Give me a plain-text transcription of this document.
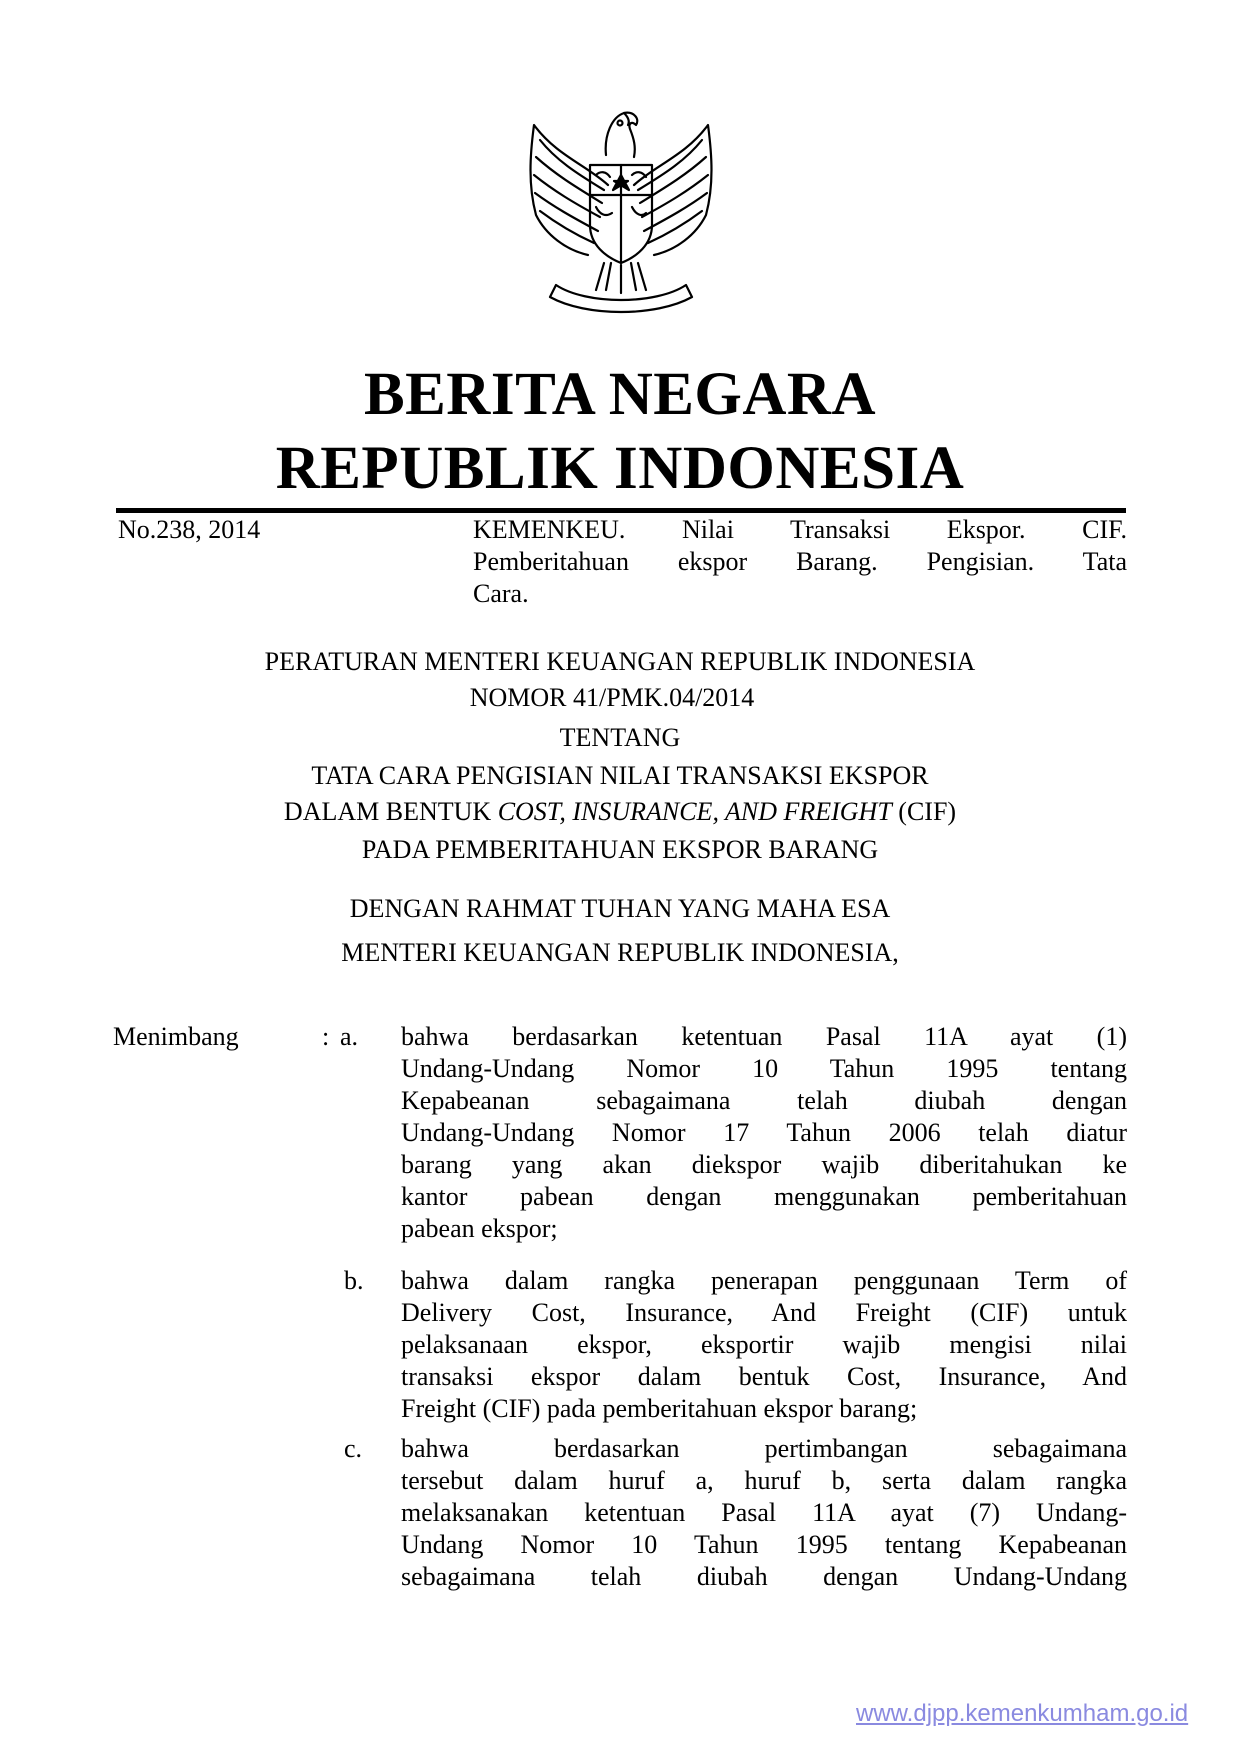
BERITA NEGARA
REPUBLIK INDONESIA
No.238, 2014	KEMENKEU. Nilai Transaksi Ekspor. CIF.
Pemberitahuan ekspor Barang. Pengisian. Tata
Cara.
PERATURAN MENTERI KEUANGAN REPUBLIK INDONESIA
NOMOR 41/PMK.04/2014
TENTANG
TATA CARA PENGISIAN NILAI TRANSAKSI EKSPOR
DALAM BENTUK COST, INSURANCE, AND FREIGHT (CIF)
PADA PEMBERITAHUAN EKSPOR BARANG
DENGAN RAHMAT TUHAN YANG MAHA ESA
MENTERI KEUANGAN REPUBLIK INDONESIA,
Menimbang	: a. bahwa berdasarkan ketentuan Pasal 11A ayat (1)
Undang-Undang Nomor 10 Tahun 1995 tentang
Kepabeanan sebagaimana telah diubah dengan
Undang-Undang Nomor 17 Tahun 2006 telah diatur
barang yang akan diekspor wajib diberitahukan ke
kantor pabean dengan menggunakan pemberitahuan
pabean ekspor;
b. bahwa dalam rangka penerapan penggunaan Term of
Delivery Cost, Insurance, And Freight (CIF) untuk
pelaksanaan ekspor, eksportir wajib mengisi nilai
transaksi ekspor dalam bentuk Cost, Insurance, And
Freight (CIF) pada pemberitahuan ekspor barang;
c. bahwa berdasarkan pertimbangan sebagaimana
tersebut dalam huruf a, huruf b, serta dalam rangka
melaksanakan ketentuan Pasal 11A ayat (7) Undang-
Undang Nomor 10 Tahun 1995 tentang Kepabeanan
sebagaimana telah diubah dengan Undang-Undang
www.djpp.kemenkumham.go.id
